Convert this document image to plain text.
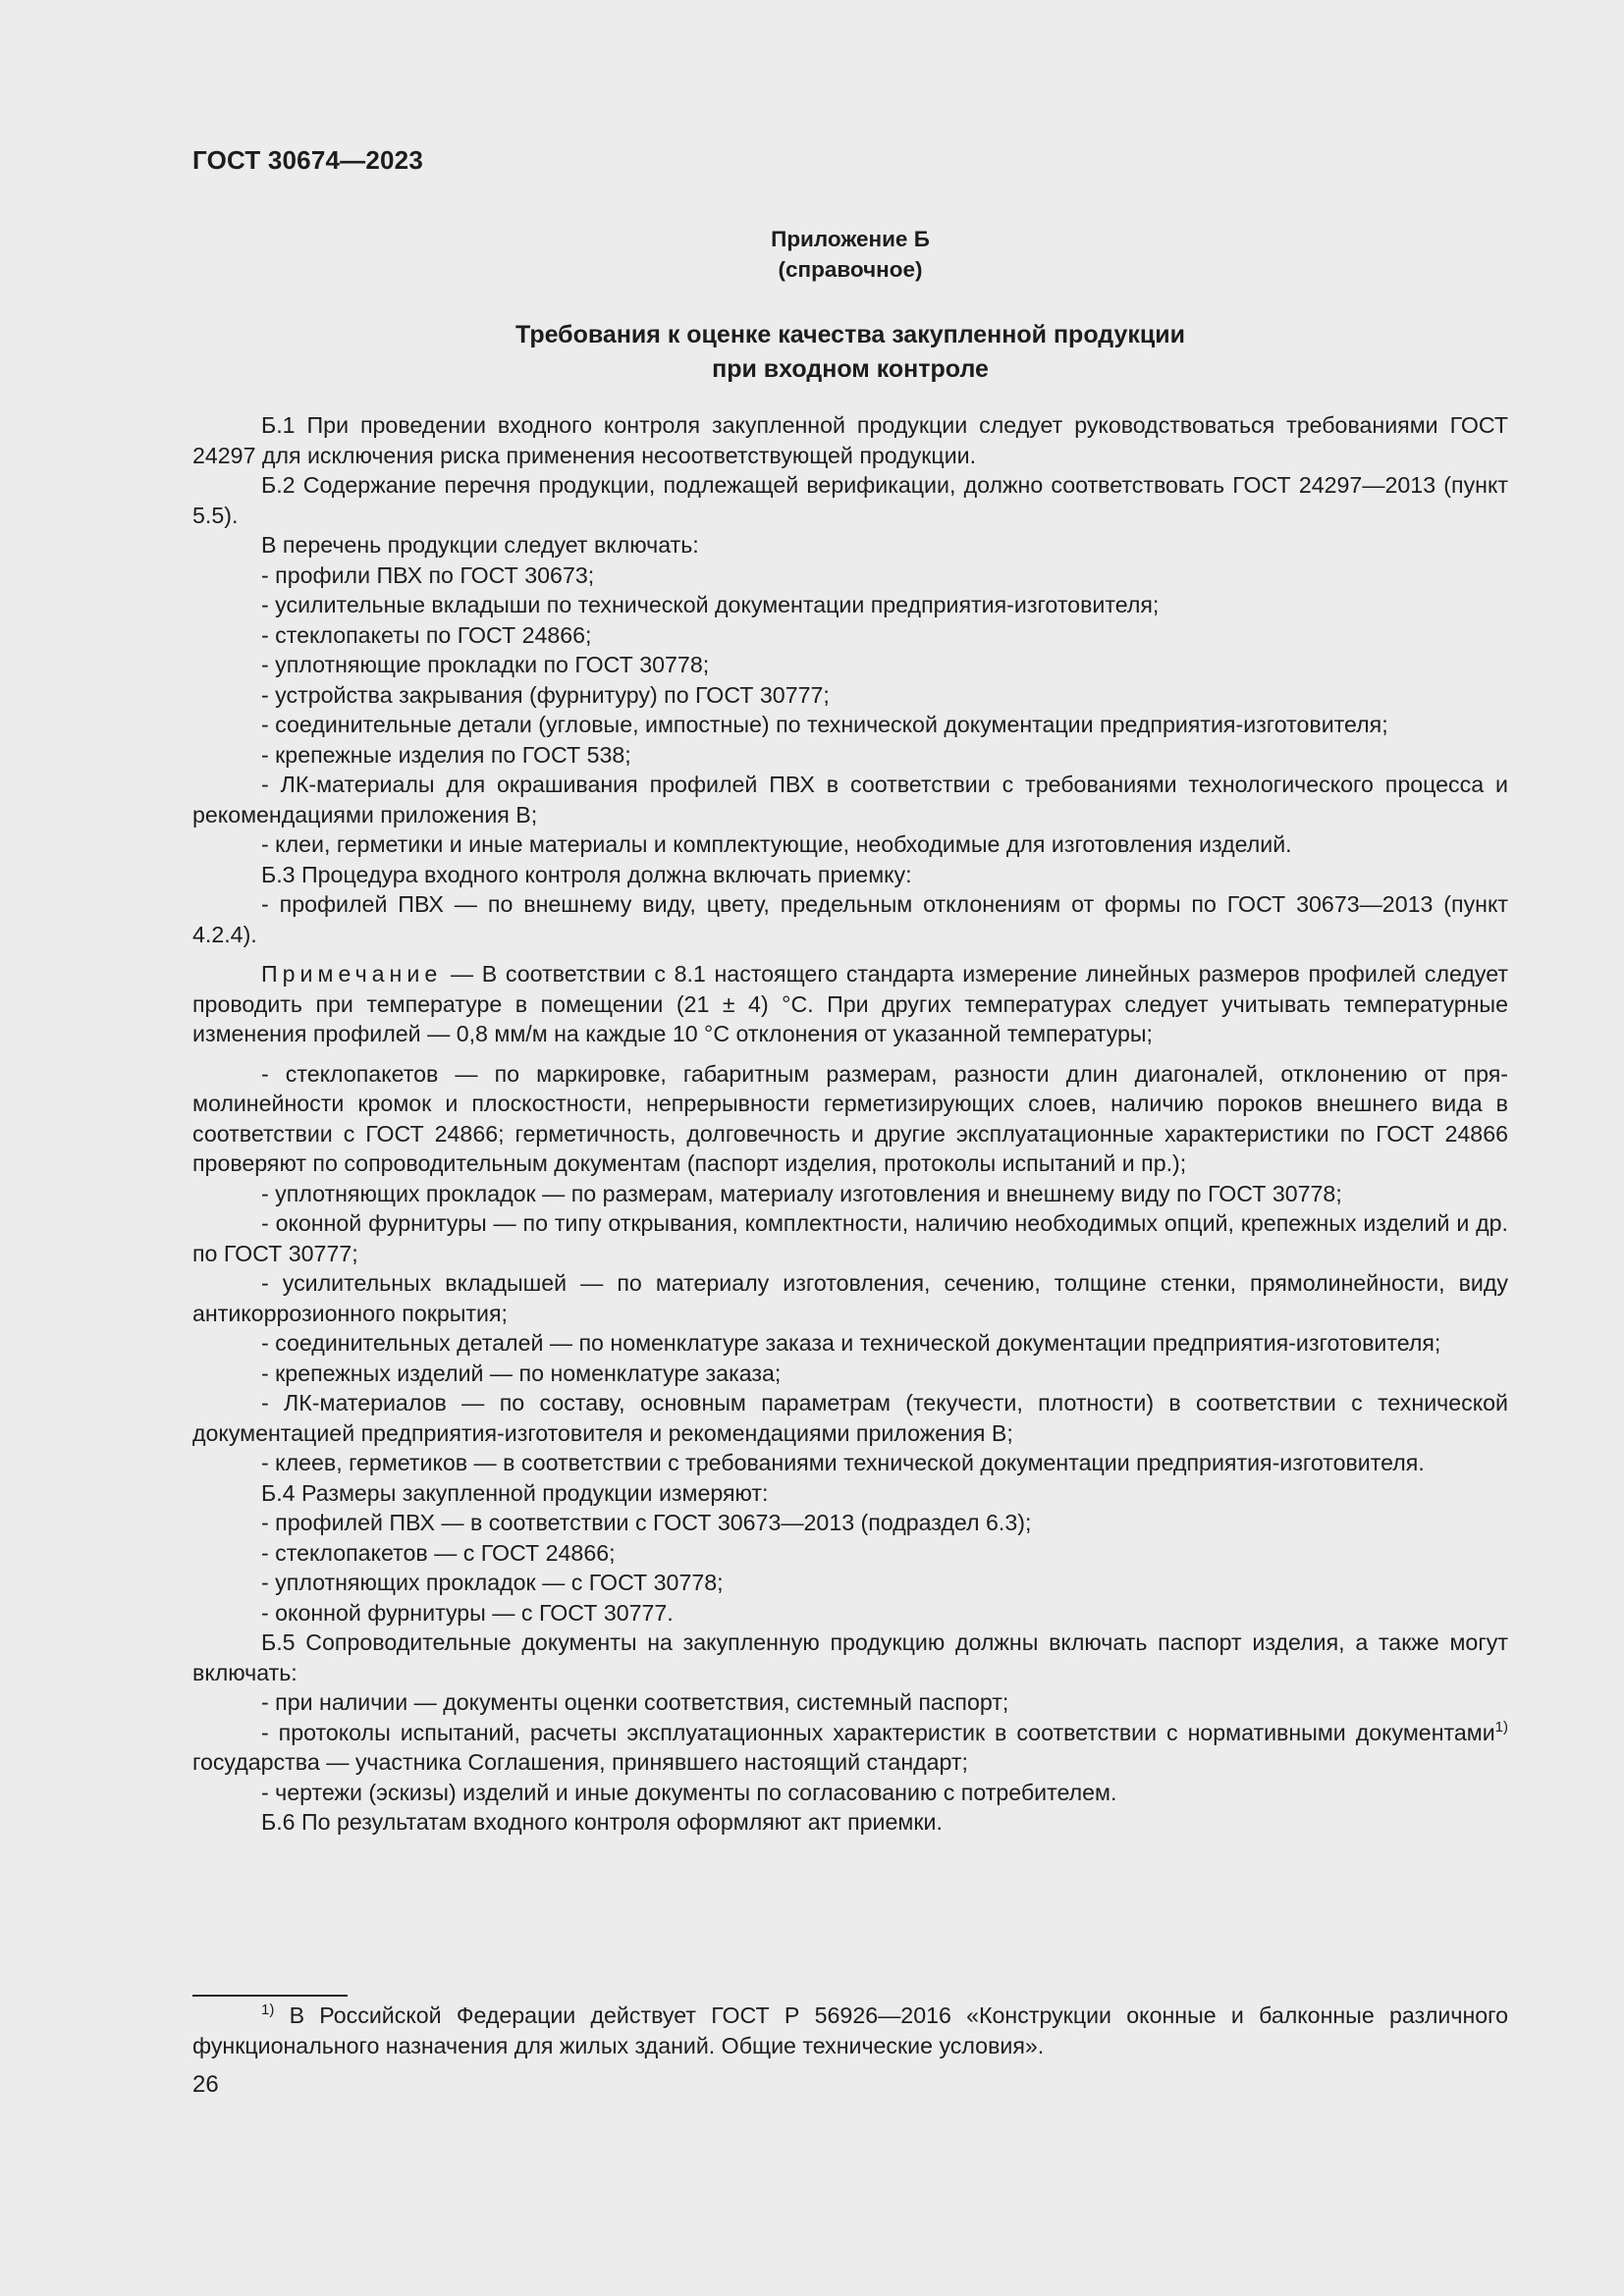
ГОСТ 30674—2023
Приложение Б
(справочное)
Требования к оценке качества закупленной продукции
при входном контроле

Б.1 При проведении входного контроля закупленной продукции следует руководствоваться требованиями ГОСТ 24297 для исключения риска применения несоответствующей продукции.

Б.2 Содержание перечня продукции, подлежащей верификации, должно соответствовать ГОСТ 24297—2013 (пункт 5.5).

В перечень продукции следует включать:

- профили ПВХ по ГОСТ 30673;

- усилительные вкладыши по технической документации предприятия-изготовителя;

- стеклопакеты по ГОСТ 24866;

- уплотняющие прокладки по ГОСТ 30778;

- устройства закрывания (фурнитуру) по ГОСТ 30777;

- соединительные детали (угловые, импостные) по технической документации предприятия-изготовителя;

- крепежные изделия по ГОСТ 538;

- ЛК-материалы для окрашивания профилей ПВХ в соответствии с требованиями технологического процесса и рекомендациями приложения В;

- клеи, герметики и иные материалы и комплектующие, необходимые для изготовления изделий.

Б.3 Процедура входного контроля должна включать приемку:

- профилей ПВХ — по внешнему виду, цвету, предельным отклонениям от формы по ГОСТ 30673—2013 (пункт 4.2.4).

Примечание — В соответствии с 8.1 настоящего стандарта измерение линейных размеров профилей следует проводить при температуре в помещении (21 ± 4) °С. При других температурах следует учитывать температурные изменения профилей — 0,8 мм/м на каждые 10 °С отклонения от указанной температуры;

- стеклопакетов — по маркировке, габаритным размерам, разности длин диагоналей, отклонению от прямолинейности кромок и плоскостности, непрерывности герметизирующих слоев, наличию пороков внешнего вида в соответствии с ГОСТ 24866; герметичность, долговечность и другие эксплуатационные характеристики по ГОСТ 24866 проверяют по сопроводительным документам (паспорт изделия, протоколы испытаний и пр.);

- уплотняющих прокладок — по размерам, материалу изготовления и внешнему виду по ГОСТ 30778;

- оконной фурнитуры — по типу открывания, комплектности, наличию необходимых опций, крепежных изделий и др. по ГОСТ 30777;

- усилительных вкладышей — по материалу изготовления, сечению, толщине стенки, прямолинейности, виду антикоррозионного покрытия;

- соединительных деталей — по номенклатуре заказа и технической документации предприятия-изготовителя;

- крепежных изделий — по номенклатуре заказа;

- ЛК-материалов — по составу, основным параметрам (текучести, плотности) в соответствии с технической документацией предприятия-изготовителя и рекомендациями приложения В;

- клеев, герметиков — в соответствии с требованиями технической документации предприятия-изготовителя.

Б.4 Размеры закупленной продукции измеряют:

- профилей ПВХ — в соответствии с ГОСТ 30673—2013 (подраздел 6.3);

- стеклопакетов — с ГОСТ 24866;

- уплотняющих прокладок — с ГОСТ 30778;

- оконной фурнитуры — с ГОСТ 30777.

Б.5 Сопроводительные документы на закупленную продукцию должны включать паспорт изделия, а также могут включать:

- при наличии — документы оценки соответствия, системный паспорт;

- протоколы испытаний, расчеты эксплуатационных характеристик в соответствии с нормативными документами$^{1)}$ государства — участника Соглашения, принявшего настоящий стандарт;

- чертежи (эскизы) изделий и иные документы по согласованию с потребителем.

Б.6 По результатам входного контроля оформляют акт приемки.

$^{1)}$ В Российской Федерации действует ГОСТ Р 56926—2016 «Конструкции оконные и балконные различного функционального назначения для жилых зданий. Общие технические условия».
26
